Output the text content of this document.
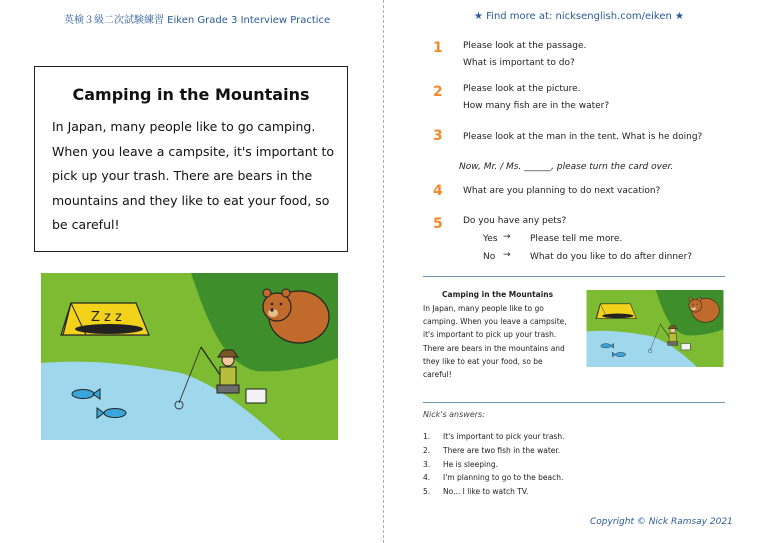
英検３級二次試験練習 Eiken Grade 3 Interview Practice	★ Find more at: nicksenglish.com/eiken ★
Camping in the Mountains
In Japan, many people like to go camping. When you leave a campsite, it's important to pick up your trash. There are bears in the mountains and they like to eat your food, so be careful!
Z z z
1 Please look at the passage.
What is important to do?
2 Please look at the picture.
How many fish are in the water?
3 Please look at the man in the tent. What is he doing?
Now, Mr. / Ms. ______, please turn the card over.
4 What are you planning to do next vacation?
5 Do you have any pets?
Yes → Please tell me more.
No → What do you like to do after dinner?
Camping in the Mountains
In Japan, many people like to go camping. When you leave a campsite, it's important to pick up your trash. There are bears in the mountains and they like to eat your food, so be careful!
Nick's answers:
1. It's important to pick your trash.
2. There are two fish in the water.
3. He is sleeping.
4. I'm planning to go to the beach.
5. No... I like to watch TV.
Copyright © Nick Ramsay 2021
